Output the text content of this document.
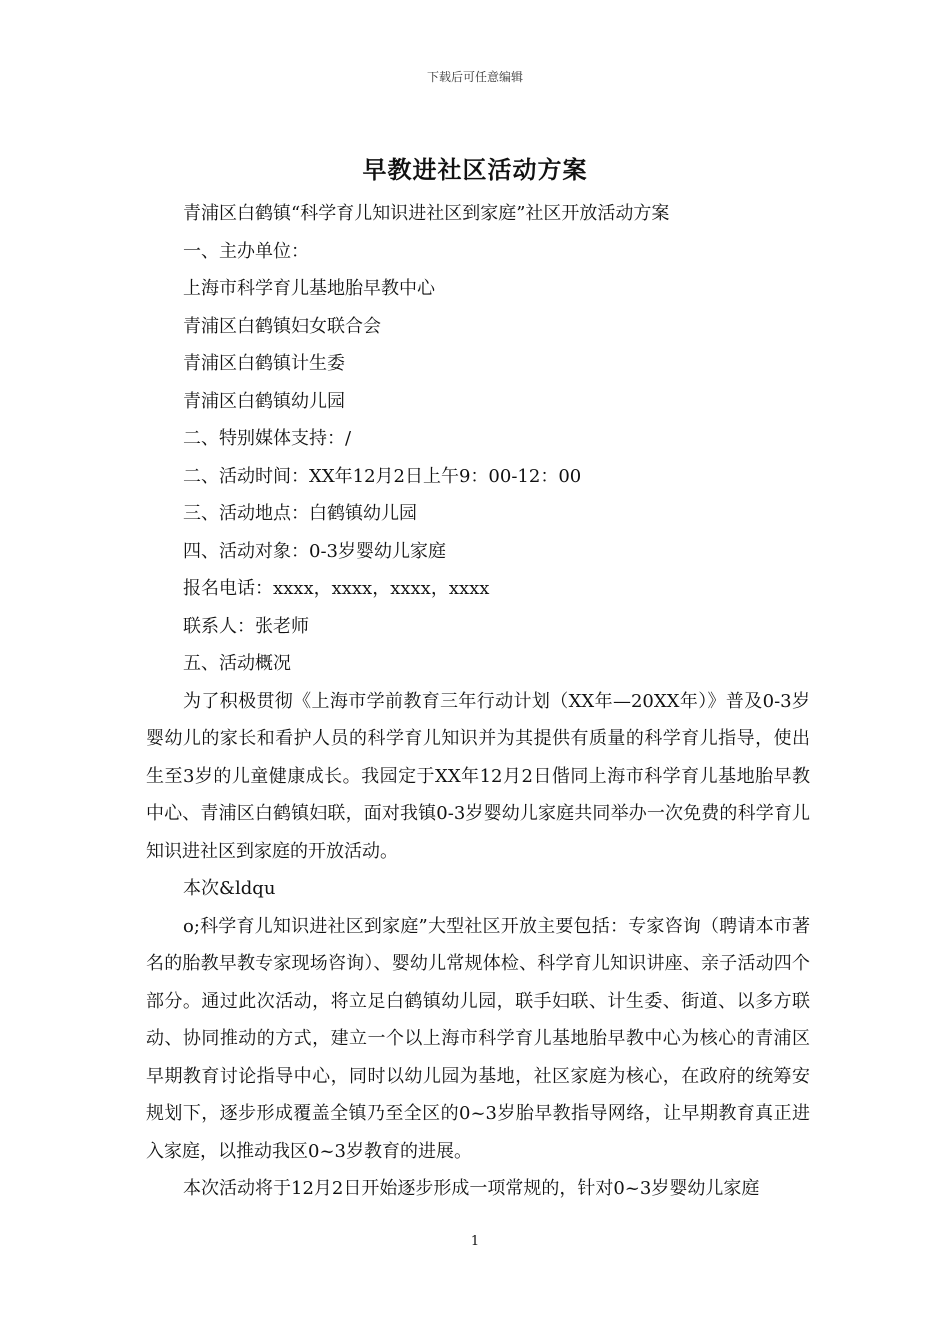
下载后可任意编辑
早教进社区活动方案

青浦区白鹤镇“科学育儿知识进社区到家庭”社区开放活动方案

一、主办单位：

上海市科学育儿基地胎早教中心

青浦区白鹤镇妇女联合会

青浦区白鹤镇计生委

青浦区白鹤镇幼儿园

二、特别媒体支持：/

二、活动时间：XX年12月2日上午9：00-12：00

三、活动地点：白鹤镇幼儿园

四、活动对象：0-3岁婴幼儿家庭

报名电话：xxxx，xxxx，xxxx，xxxx

联系人：张老师

五、活动概况

为了积极贯彻《上海市学前教育三年行动计划（XX年—20XX年）》普及0-3岁婴幼儿的家长和看护人员的科学育儿知识并为其提供有质量的科学育儿指导，使出生至3岁的儿童健康成长。我园定于XX年12月2日偕同上海市科学育儿基地胎早教中心、青浦区白鹤镇妇联，面对我镇0-3岁婴幼儿家庭共同举办一次免费的科学育儿知识进社区到家庭的开放活动。

本次&ldqu

o;科学育儿知识进社区到家庭”大型社区开放主要包括：专家咨询（聘请本市著名的胎教早教专家现场咨询）、婴幼儿常规体检、科学育儿知识讲座、亲子活动四个部分。通过此次活动，将立足白鹤镇幼儿园，联手妇联、计生委、街道、以多方联动、协同推动的方式，建立一个以上海市科学育儿基地胎早教中心为核心的青浦区早期教育讨论指导中心，同时以幼儿园为基地，社区家庭为核心，在政府的统筹安规划下，逐步形成覆盖全镇乃至全区的0~3岁胎早教指导网络，让早期教育真正进入家庭，以推动我区0~3岁教育的进展。

本次活动将于12月2日开始逐步形成一项常规的，针对0~3岁婴幼儿家庭

1
